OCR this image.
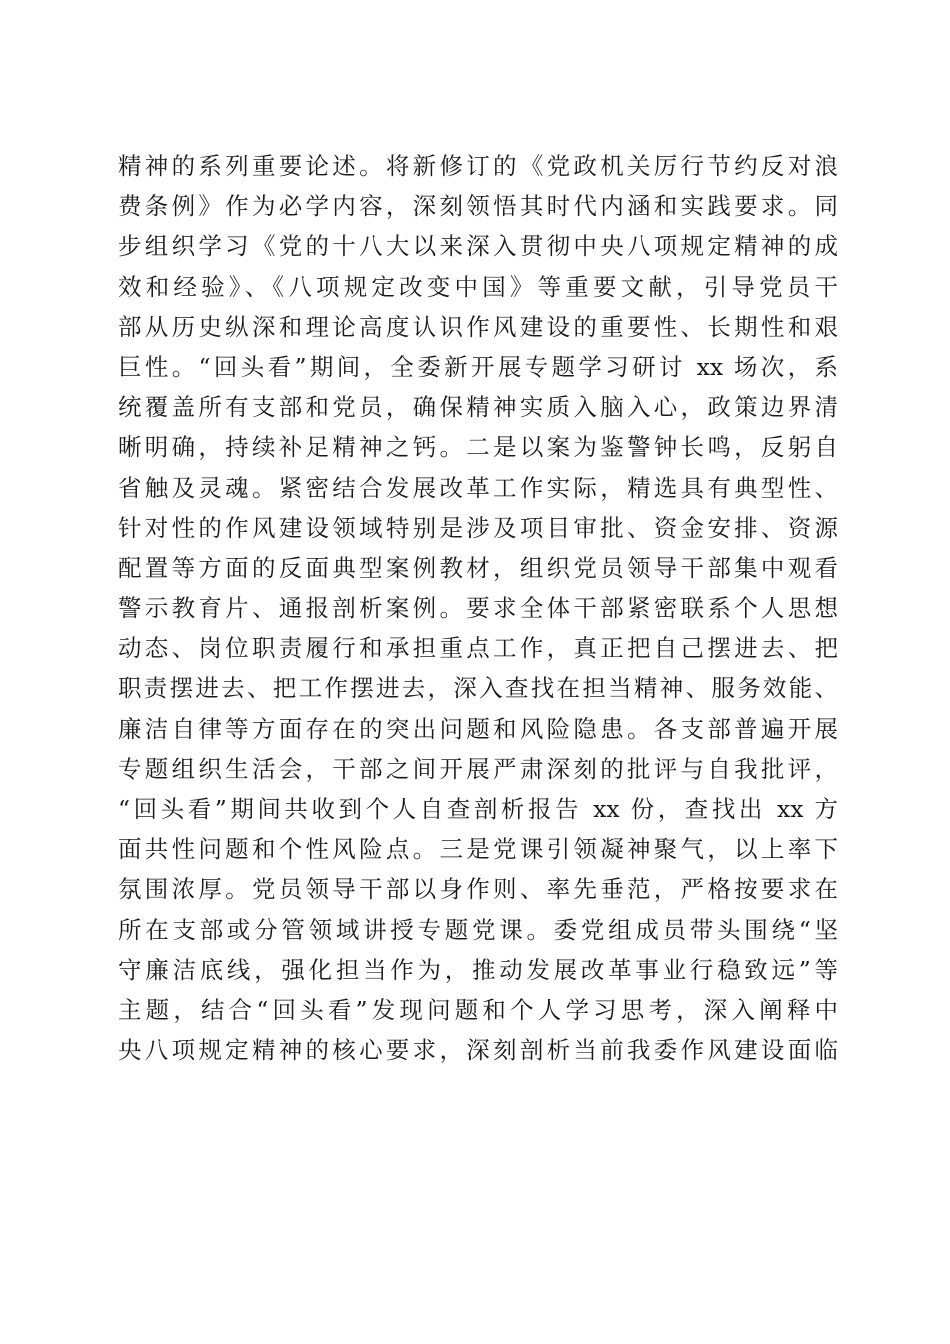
精神的系列重要论述。将新修订的《党政机关厉行节约反对浪
费条例》作为必学内容，深刻领悟其时代内涵和实践要求。同
步组织学习《党的十八大以来深入贯彻中央八项规定精神的成
效和经验》、《八项规定改变中国》等重要文献，引导党员干
部从历史纵深和理论高度认识作风建设的重要性、长期性和艰
巨性。“回头看”期间，全委新开展专题学习研讨 xx 场次，系
统覆盖所有支部和党员，确保精神实质入脑入心，政策边界清
晰明确，持续补足精神之钙。二是以案为鉴警钟长鸣，反躬自
省触及灵魂。紧密结合发展改革工作实际，精选具有典型性、
针对性的作风建设领域特别是涉及项目审批、资金安排、资源
配置等方面的反面典型案例教材，组织党员领导干部集中观看
警示教育片、通报剖析案例。要求全体干部紧密联系个人思想
动态、岗位职责履行和承担重点工作，真正把自己摆进去、把
职责摆进去、把工作摆进去，深入查找在担当精神、服务效能、
廉洁自律等方面存在的突出问题和风险隐患。各支部普遍开展
专题组织生活会，干部之间开展严肃深刻的批评与自我批评，
“回头看”期间共收到个人自查剖析报告 xx 份，查找出 xx 方
面共性问题和个性风险点。三是党课引领凝神聚气，以上率下
氛围浓厚。党员领导干部以身作则、率先垂范，严格按要求在
所在支部或分管领域讲授专题党课。委党组成员带头围绕“坚
守廉洁底线，强化担当作为，推动发展改革事业行稳致远”等
主题，结合“回头看”发现问题和个人学习思考，深入阐释中
央八项规定精神的核心要求，深刻剖析当前我委作风建设面临
